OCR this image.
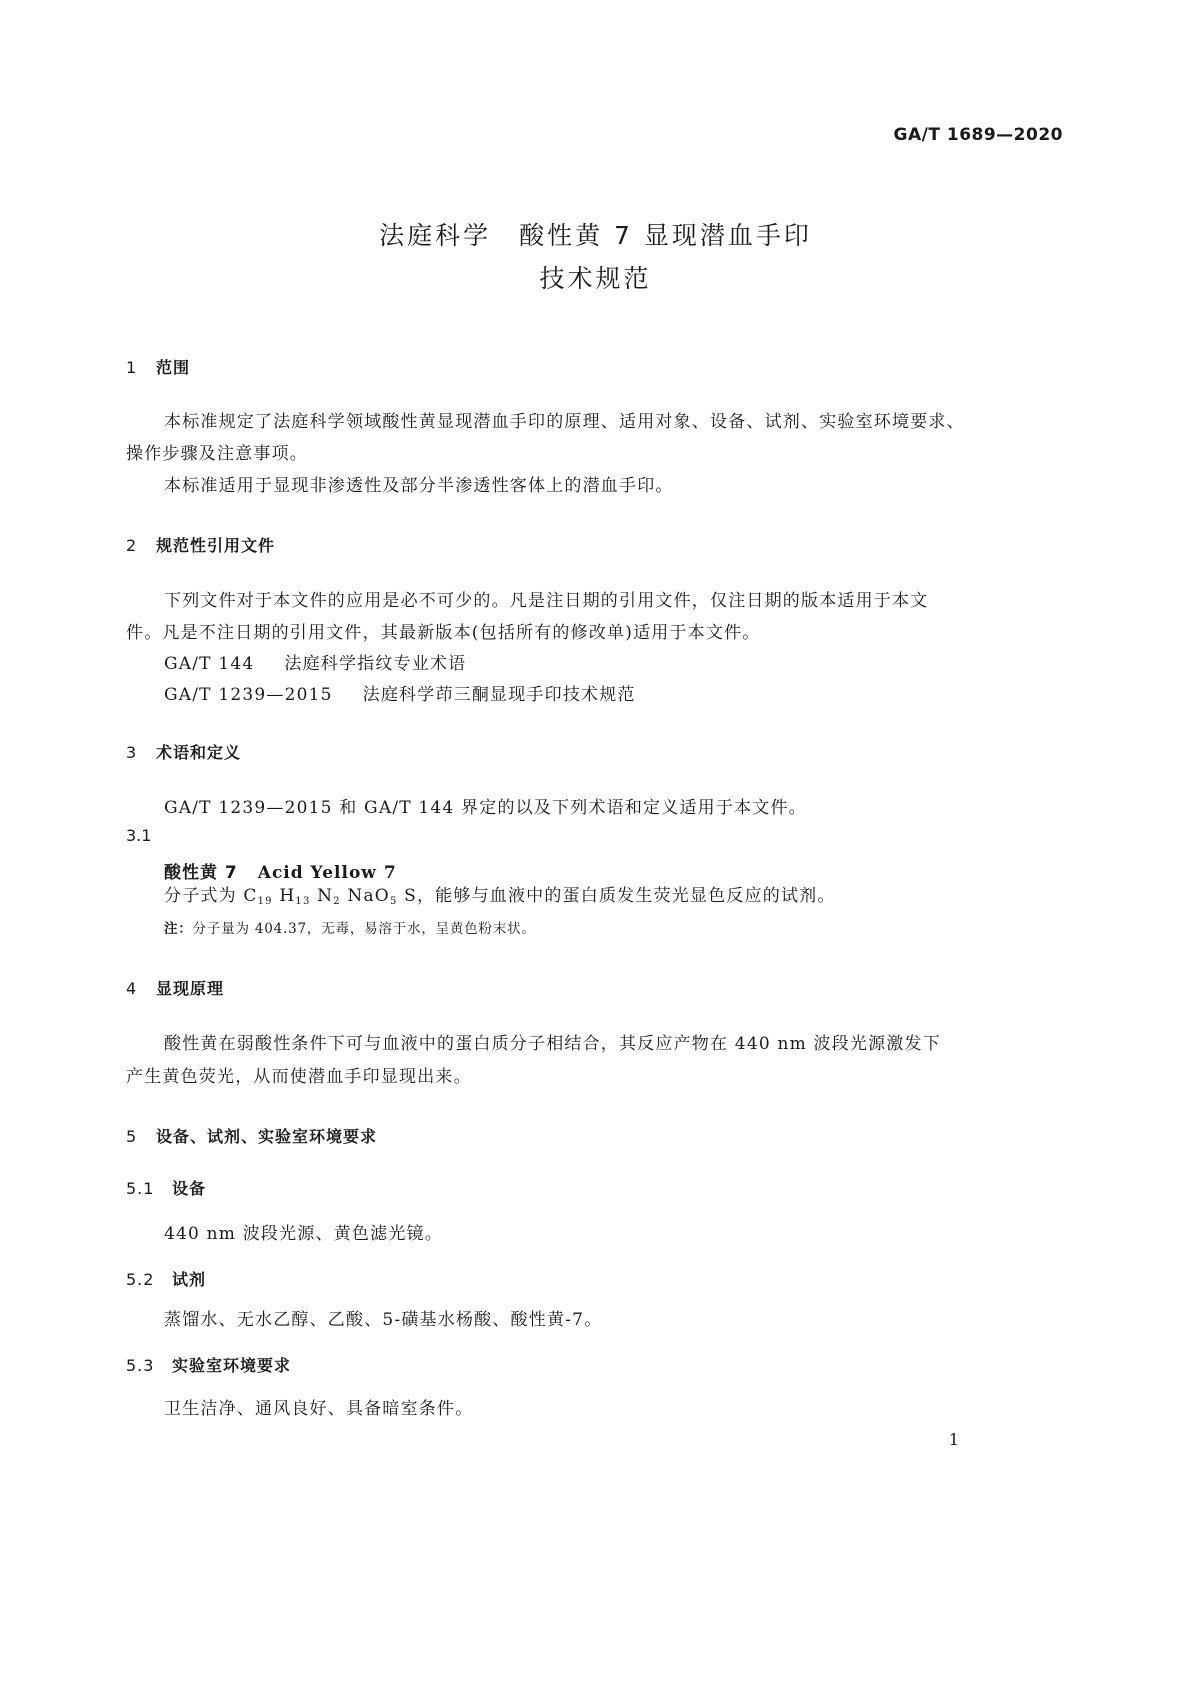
GA/T 1689—2020
法庭科学　酸性黄 7 显现潜血手印
技术规范
1 范围
本标准规定了法庭科学领域酸性黄显现潜血手印的原理、适用对象、设备、试剂、实验室环境要求、
操作步骤及注意事项。
本标准适用于显现非渗透性及部分半渗透性客体上的潜血手印。
2 规范性引用文件
下列文件对于本文件的应用是必不可少的。凡是注日期的引用文件，仅注日期的版本适用于本文
件。凡是不注日期的引用文件，其最新版本(包括所有的修改单)适用于本文件。
GA/T 144 法庭科学指纹专业术语
GA/T 1239—2015 法庭科学茚三酮显现手印技术规范
3 术语和定义
GA/T 1239—2015 和 GA/T 144 界定的以及下列术语和定义适用于本文件。
3.1
酸性黄 7 Acid Yellow 7
分子式为 $C_{19}$ $H_{13}$ $N_2$ NaO$_5$ S，能够与血液中的蛋白质发生荧光显色反应的试剂。
注：分子量为 404.37，无毒，易溶于水，呈黄色粉末状。
4 显现原理
酸性黄在弱酸性条件下可与血液中的蛋白质分子相结合，其反应产物在 440 nm 波段光源激发下
产生黄色荧光，从而使潜血手印显现出来。
5 设备、试剂、实验室环境要求
5.1 设备
440 nm 波段光源、黄色滤光镜。
5.2 试剂
蒸馏水、无水乙醇、乙酸、5-磺基水杨酸、酸性黄-7。
5.3 实验室环境要求
卫生洁净、通风良好、具备暗室条件。
1
